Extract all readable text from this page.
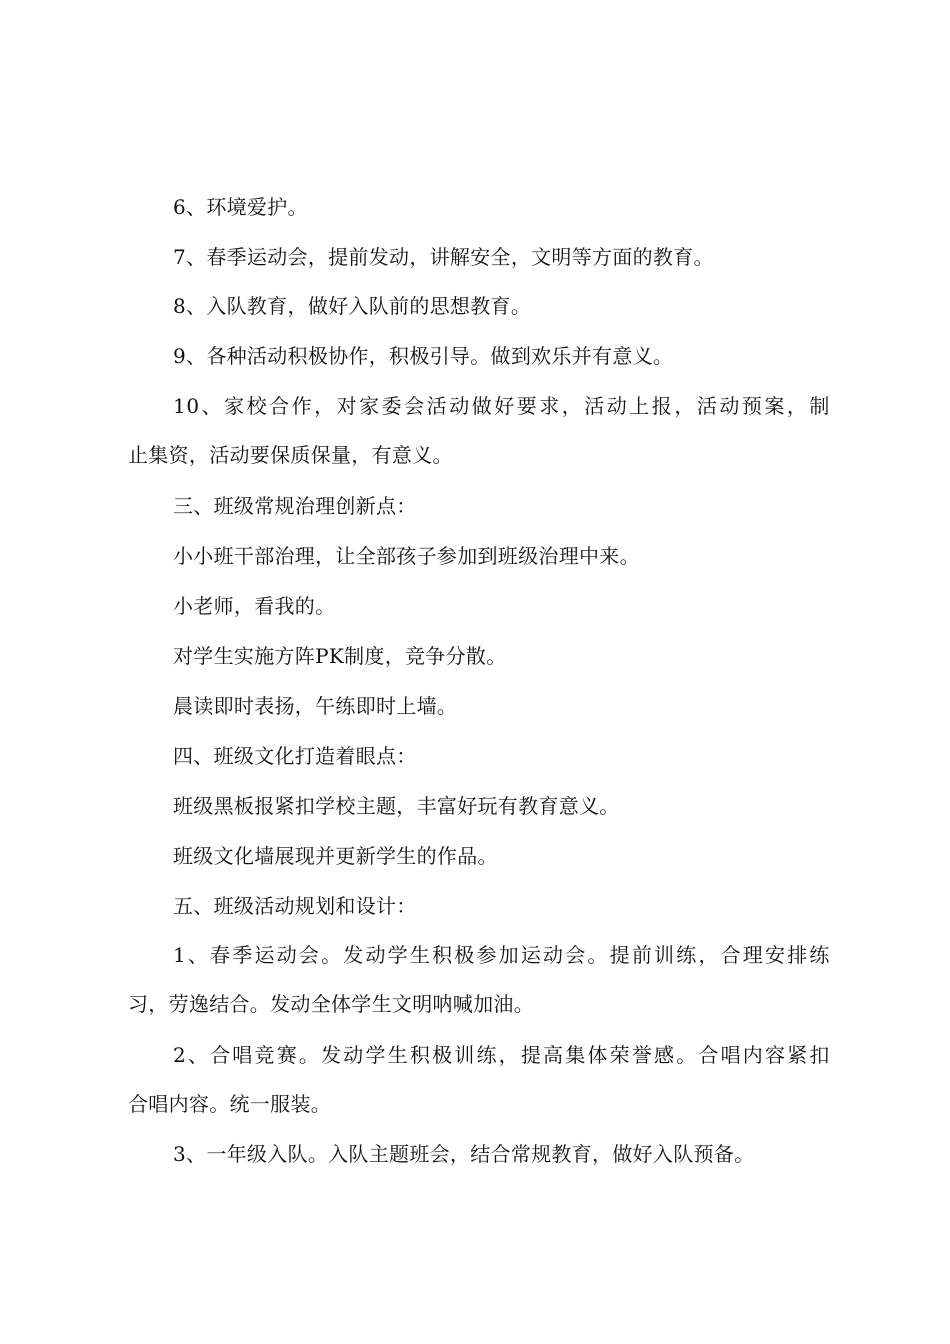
6、环境爱护。
7、春季运动会，提前发动，讲解安全，文明等方面的教育。
8、入队教育，做好入队前的思想教育。
9、各种活动积极协作，积极引导。做到欢乐并有意义。
10、家校合作，对家委会活动做好要求，活动上报，活动预案，制
止集资，活动要保质保量，有意义。
三、班级常规治理创新点：
小小班干部治理，让全部孩子参加到班级治理中来。
小老师，看我的。
对学生实施方阵PK制度，竞争分散。
晨读即时表扬，午练即时上墙。
四、班级文化打造着眼点：
班级黑板报紧扣学校主题，丰富好玩有教育意义。
班级文化墙展现并更新学生的作品。
五、班级活动规划和设计：
1、春季运动会。发动学生积极参加运动会。提前训练，合理安排练
习，劳逸结合。发动全体学生文明呐喊加油。
2、合唱竞赛。发动学生积极训练，提高集体荣誉感。合唱内容紧扣
合唱内容。统一服装。
3、一年级入队。入队主题班会，结合常规教育，做好入队预备。
